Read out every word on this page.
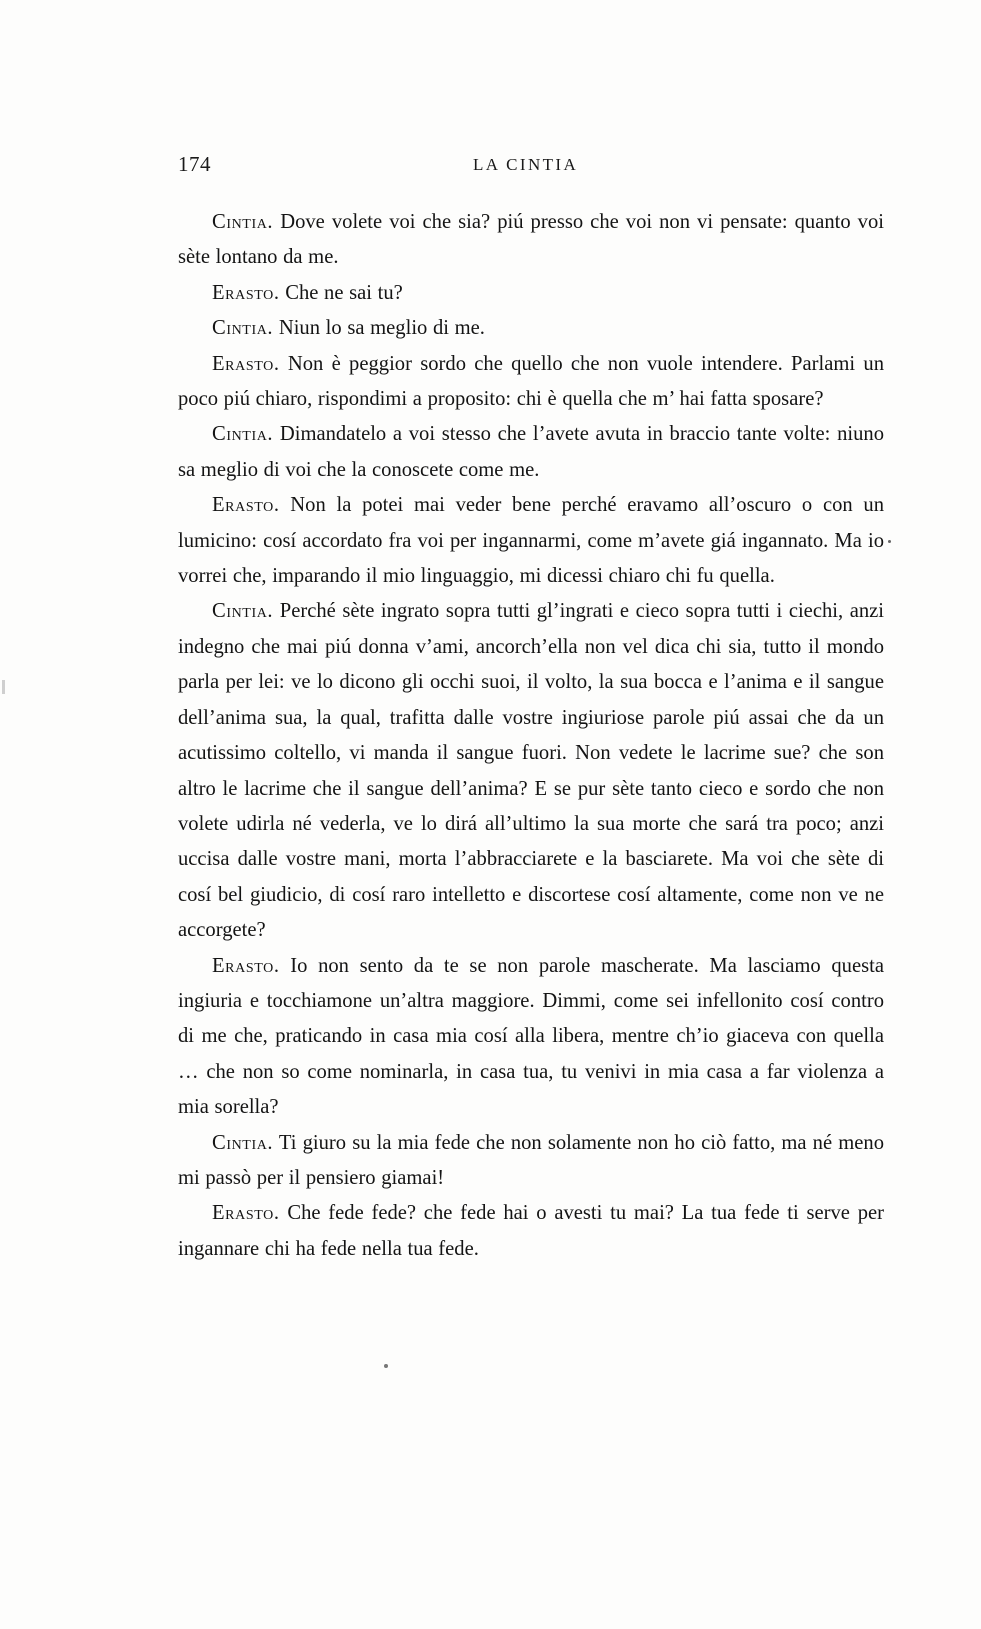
174	LA CINTIA

Cintia. Dove volete voi che sia? piú presso che voi non vi pensate: quanto voi sète lontano da me.

Erasto. Che ne sai tu?

Cintia. Niun lo sa meglio di me.

Erasto. Non è peggior sordo che quello che non vuole intendere. Parlami un poco piú chiaro, rispondimi a proposito: chi è quella che m’ hai fatta sposare?

Cintia. Dimandatelo a voi stesso che l’avete avuta in braccio tante volte: niuno sa meglio di voi che la conoscete come me.

Erasto. Non la potei mai veder bene perché eravamo all’oscuro o con un lumicino: cosí accordato fra voi per ingannarmi, come m’avete giá ingannato. Ma io vorrei che, imparando il mio linguaggio, mi dicessi chiaro chi fu quella.

Cintia. Perché sète ingrato sopra tutti gl’ingrati e cieco sopra tutti i ciechi, anzi indegno che mai piú donna v’ami, ancorch’ella non vel dica chi sia, tutto il mondo parla per lei: ve lo dicono gli occhi suoi, il volto, la sua bocca e l’anima e il sangue dell’anima sua, la qual, trafitta dalle vostre ingiuriose parole piú assai che da un acutissimo coltello, vi manda il sangue fuori. Non vedete le lacrime sue? che son altro le lacrime che il sangue dell’anima? E se pur sète tanto cieco e sordo che non volete udirla né vederla, ve lo dirá all’ultimo la sua morte che sará tra poco; anzi uccisa dalle vostre mani, morta l’abbracciarete e la basciarete. Ma voi che sète di cosí bel giudicio, di cosí raro intelletto e discortese cosí altamente, come non ve ne accorgete?

Erasto. Io non sento da te se non parole mascherate. Ma lasciamo questa ingiuria e tocchiamone un’altra maggiore. Dimmi, come sei infellonito cosí contro di me che, praticando in casa mia cosí alla libera, mentre ch’io giaceva con quella … che non so come nominarla, in casa tua, tu venivi in mia casa a far violenza a mia sorella?

Cintia. Ti giuro su la mia fede che non solamente non ho ciò fatto, ma né meno mi passò per il pensiero giamai!

Erasto. Che fede fede? che fede hai o avesti tu mai? La tua fede ti serve per ingannare chi ha fede nella tua fede.
